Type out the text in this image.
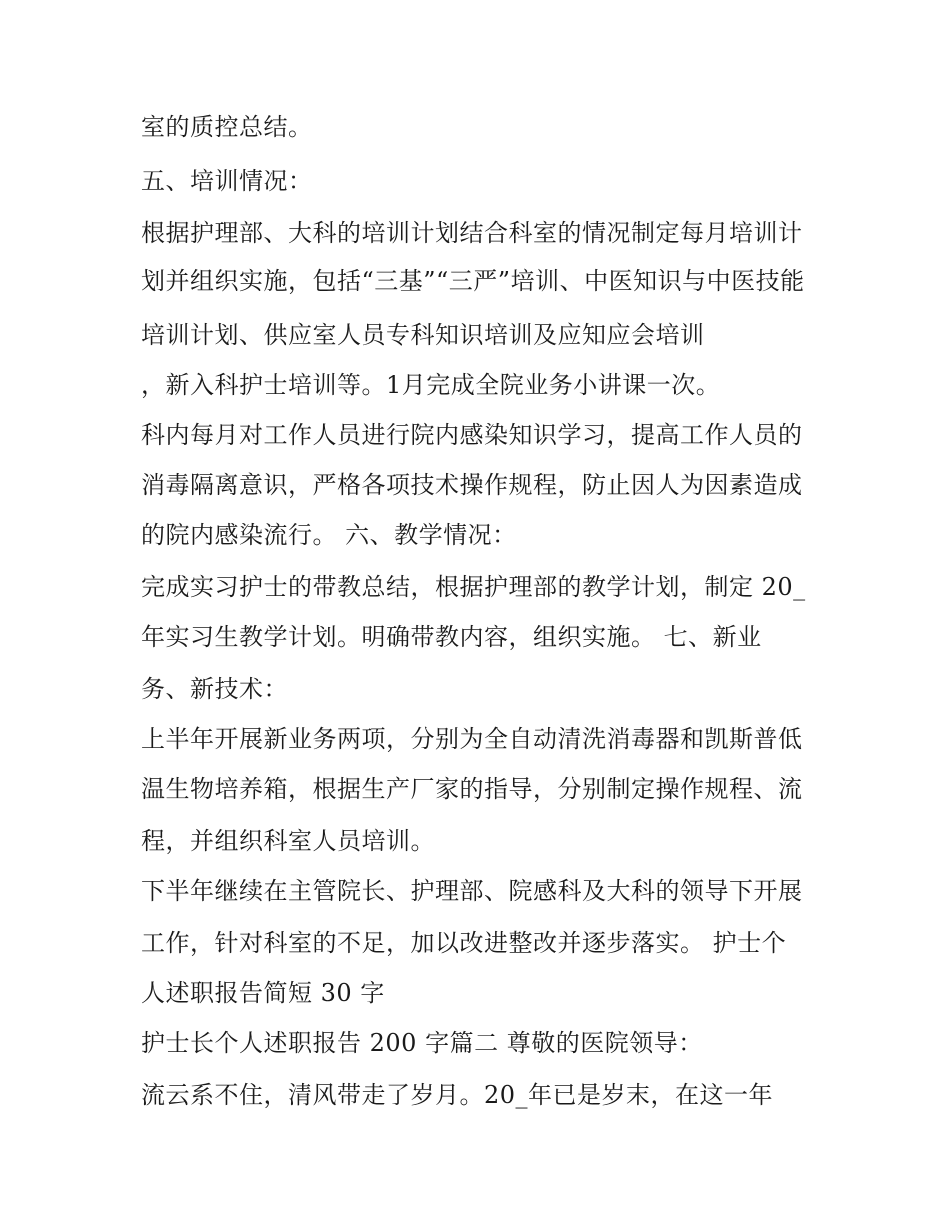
室的质控总结。
五、培训情况：
根据护理部、大科的培训计划结合科室的情况制定每月培训计
划并组织实施，包括“三基”“三严”培训、中医知识与中医技能
培训计划、供应室人员专科知识培训及应知应会培训
，新入科护士培训等。1月完成全院业务小讲课一次。
科内每月对工作人员进行院内感染知识学习，提高工作人员的
消毒隔离意识，严格各项技术操作规程，防止因人为因素造成
的院内感染流行。 六、教学情况：
完成实习护士的带教总结，根据护理部的教学计划，制定 20_
年实习生教学计划。明确带教内容，组织实施。 七、新业
务、新技术：
上半年开展新业务两项，分别为全自动清洗消毒器和凯斯普低
温生物培养箱，根据生产厂家的指导，分别制定操作规程、流
程，并组织科室人员培训。
下半年继续在主管院长、护理部、院感科及大科的领导下开展
工作，针对科室的不足，加以改进整改并逐步落实。 护士个
人述职报告简短 30 字
护士长个人述职报告 200 字篇二 尊敬的医院领导：
流云系不住，清风带走了岁月。20_年已是岁末，在这一年
